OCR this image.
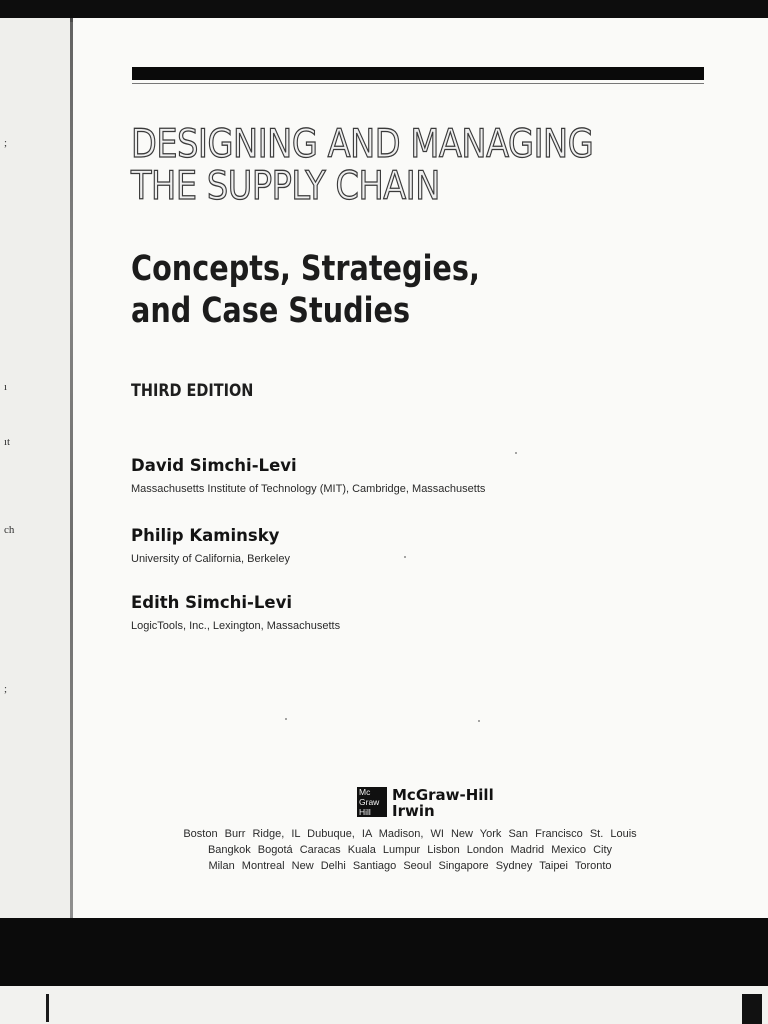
;
ı
ıt
ch
;
DESIGNING AND MANAGING
THE SUPPLY CHAIN
Concepts, Strategies,
and Case Studies
THIRD EDITION
David Simchi-Levi
Massachusetts Institute of Technology (MIT), Cambridge, Massachusetts
Philip Kaminsky
University of California, Berkeley
Edith Simchi-Levi
LogicTools, Inc., Lexington, Massachusetts
Mc
Graw
Hill
McGraw-Hill
Irwin
Boston Burr Ridge, IL Dubuque, IA Madison, WI New York San Francisco St. Louis
Bangkok Bogotá Caracas Kuala Lumpur Lisbon London Madrid Mexico City
Milan Montreal New Delhi Santiago Seoul Singapore Sydney Taipei Toronto
